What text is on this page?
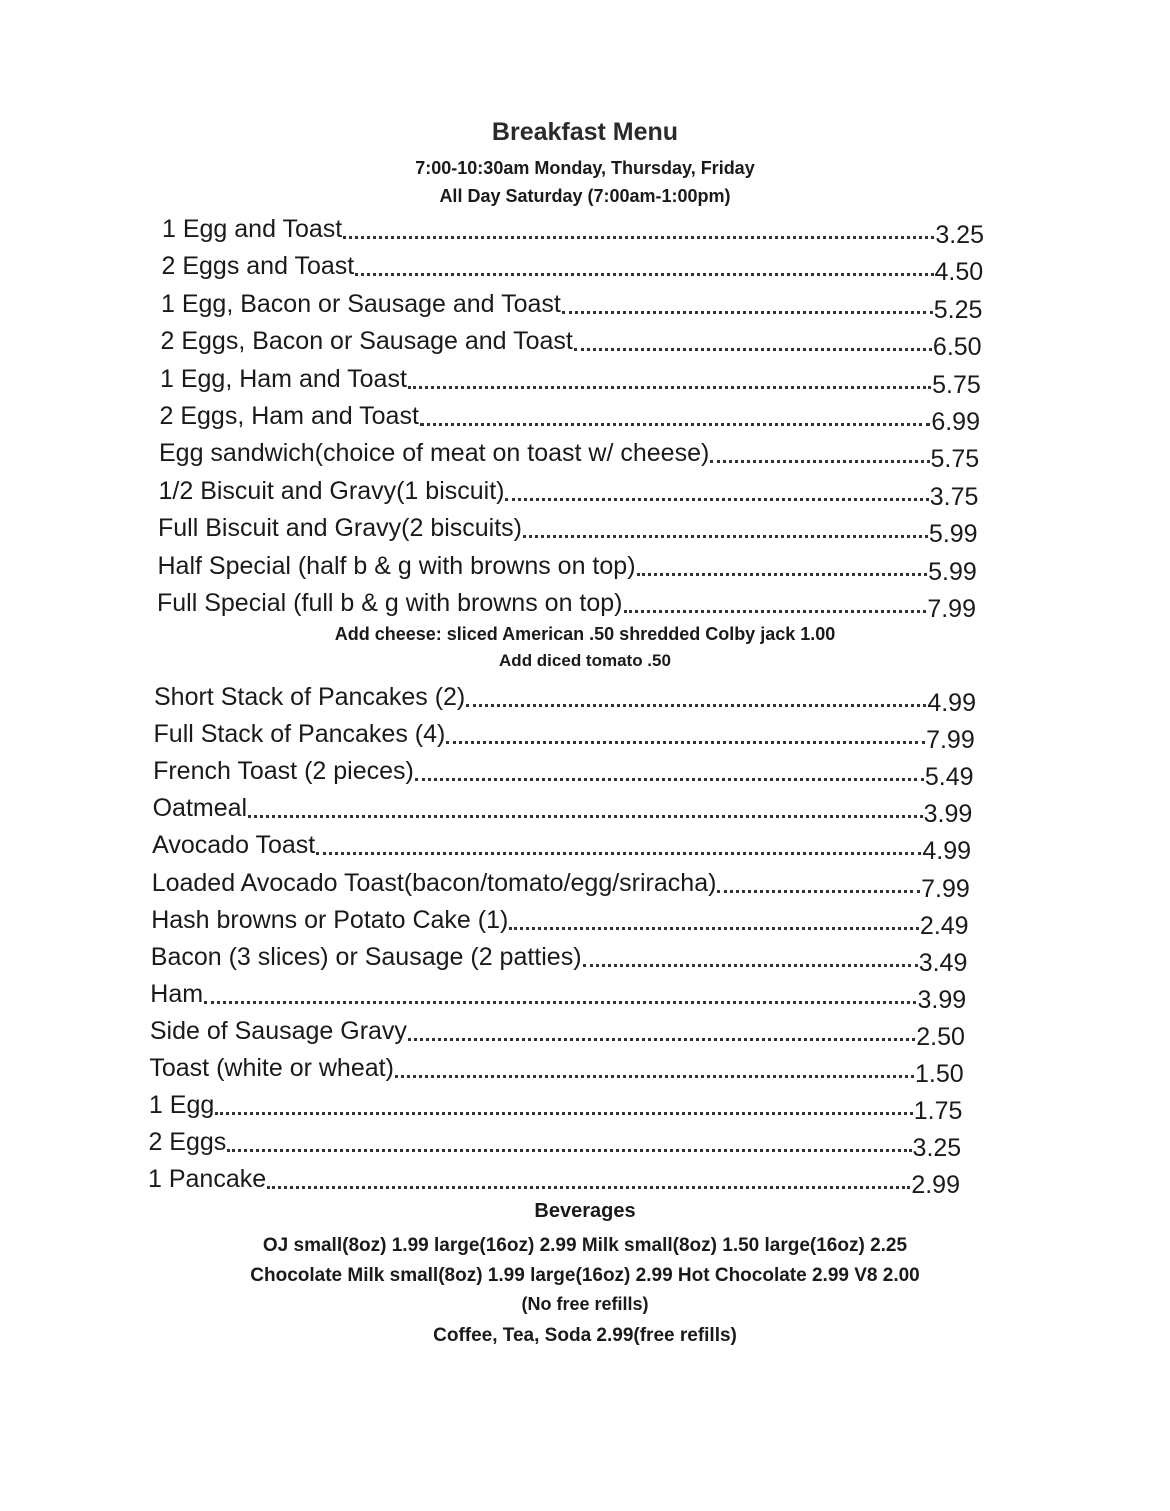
Breakfast Menu
7:00-10:30am Monday, Thursday, Friday
All Day Saturday (7:00am-1:00pm)
1 Egg and Toast	3.25
2 Eggs and Toast	4.50
1 Egg, Bacon or Sausage and Toast	5.25
2 Eggs, Bacon or Sausage and Toast	6.50
1 Egg, Ham and Toast	5.75
2 Eggs, Ham and Toast	6.99
Egg sandwich(choice of meat on toast w/ cheese)	5.75
1/2 Biscuit and Gravy(1 biscuit)	3.75
Full Biscuit and Gravy(2 biscuits)	5.99
Half Special (half b & g with browns on top)	5.99
Full Special (full b & g with browns on top)	7.99
Add cheese: sliced American .50 shredded Colby jack 1.00
Add diced tomato .50
Short Stack of Pancakes (2)	4.99
Full Stack of Pancakes (4)	7.99
French Toast (2 pieces)	5.49
Oatmeal	3.99
Avocado Toast	4.99
Loaded Avocado Toast(bacon/tomato/egg/sriracha)	7.99
Hash browns or Potato Cake (1)	2.49
Bacon (3 slices) or Sausage (2 patties)	3.49
Ham	3.99
Side of Sausage Gravy	2.50
Toast (white or wheat)	1.50
1 Egg	1.75
2 Eggs	3.25
1 Pancake	2.99
Beverages
OJ small(8oz) 1.99 large(16oz) 2.99 Milk small(8oz) 1.50 large(16oz) 2.25
Chocolate Milk small(8oz) 1.99 large(16oz) 2.99 Hot Chocolate 2.99 V8 2.00
(No free refills)
Coffee, Tea, Soda 2.99(free refills)
